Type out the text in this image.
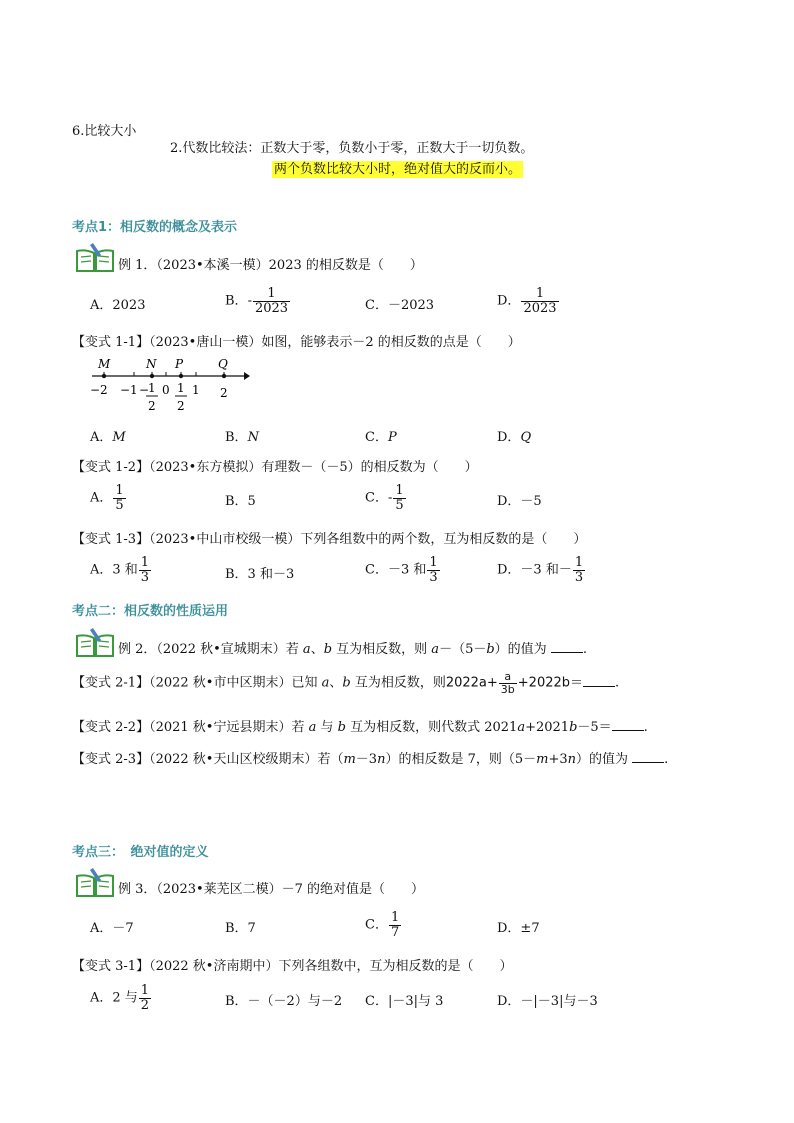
6.比较大小
2.代数比较法：正数大于零，负数小于零，正数大于一切负数。
两个负数比较大小时，绝对值大的反而小。
考点1：相反数的概念及表示
例 1．（2023•本溪一模）2023 的相反数是（　　）
A．2023	B．- $\frac{1}{2023}$	C．－2023	D． $\frac{1}{2023}$
【变式 1-1】（2023•唐山一模）如图，能够表示－2 的相反数的点是（　　）
M	N P	Q
−2 −1 −
1
2
0 1
2
1 2
A．M	B．N	C．P	D．Q
【变式 1-2】（2023•东方模拟）有理数－（－5）的相反数为（　　）
A． $\frac{1}{5}$	B．5	C．- $\frac{1}{5}$	D．－5
【变式 1-3】（2023•中山市校级一模）下列各组数中的两个数，互为相反数的是（　　）
A．3 和 $\frac{1}{3}$	B．3 和－3	C．－3 和 $\frac{1}{3}$	D．－3 和－ $\frac{1}{3}$
考点二：相反数的性质运用
例 2．（2022 秋•宣城期末）若 a、b 互为相反数，则 a－（5－b）的值为	.
【变式 2-1】（2022 秋•市中区期末）已知 a、b 互为相反数，则$2022a+ \frac{a}{3b} +2022b=$ .
【变式 2-2】（2021 秋•宁远县期末）若 a 与 b 互为相反数，则代数式 2021a+2021b－5＝ .
【变式 2-3】（2022 秋•天山区校级期末）若（m－3n）的相反数是 7，则（5－m+3n）的值为	.
考点三：　绝对值的定义
例 3．（2023•莱芜区二模）－7 的绝对值是（　　）
A．－7	B．7	C． $\frac{1}{7}$	D．±7
【变式 3-1】（2022 秋•济南期中）下列各组数中，互为相反数的是（　　）
A．2 与 $\frac{1}{2}$	B．－（－2）与－2 C．|－3|与 3	D．－|－3|与－3
